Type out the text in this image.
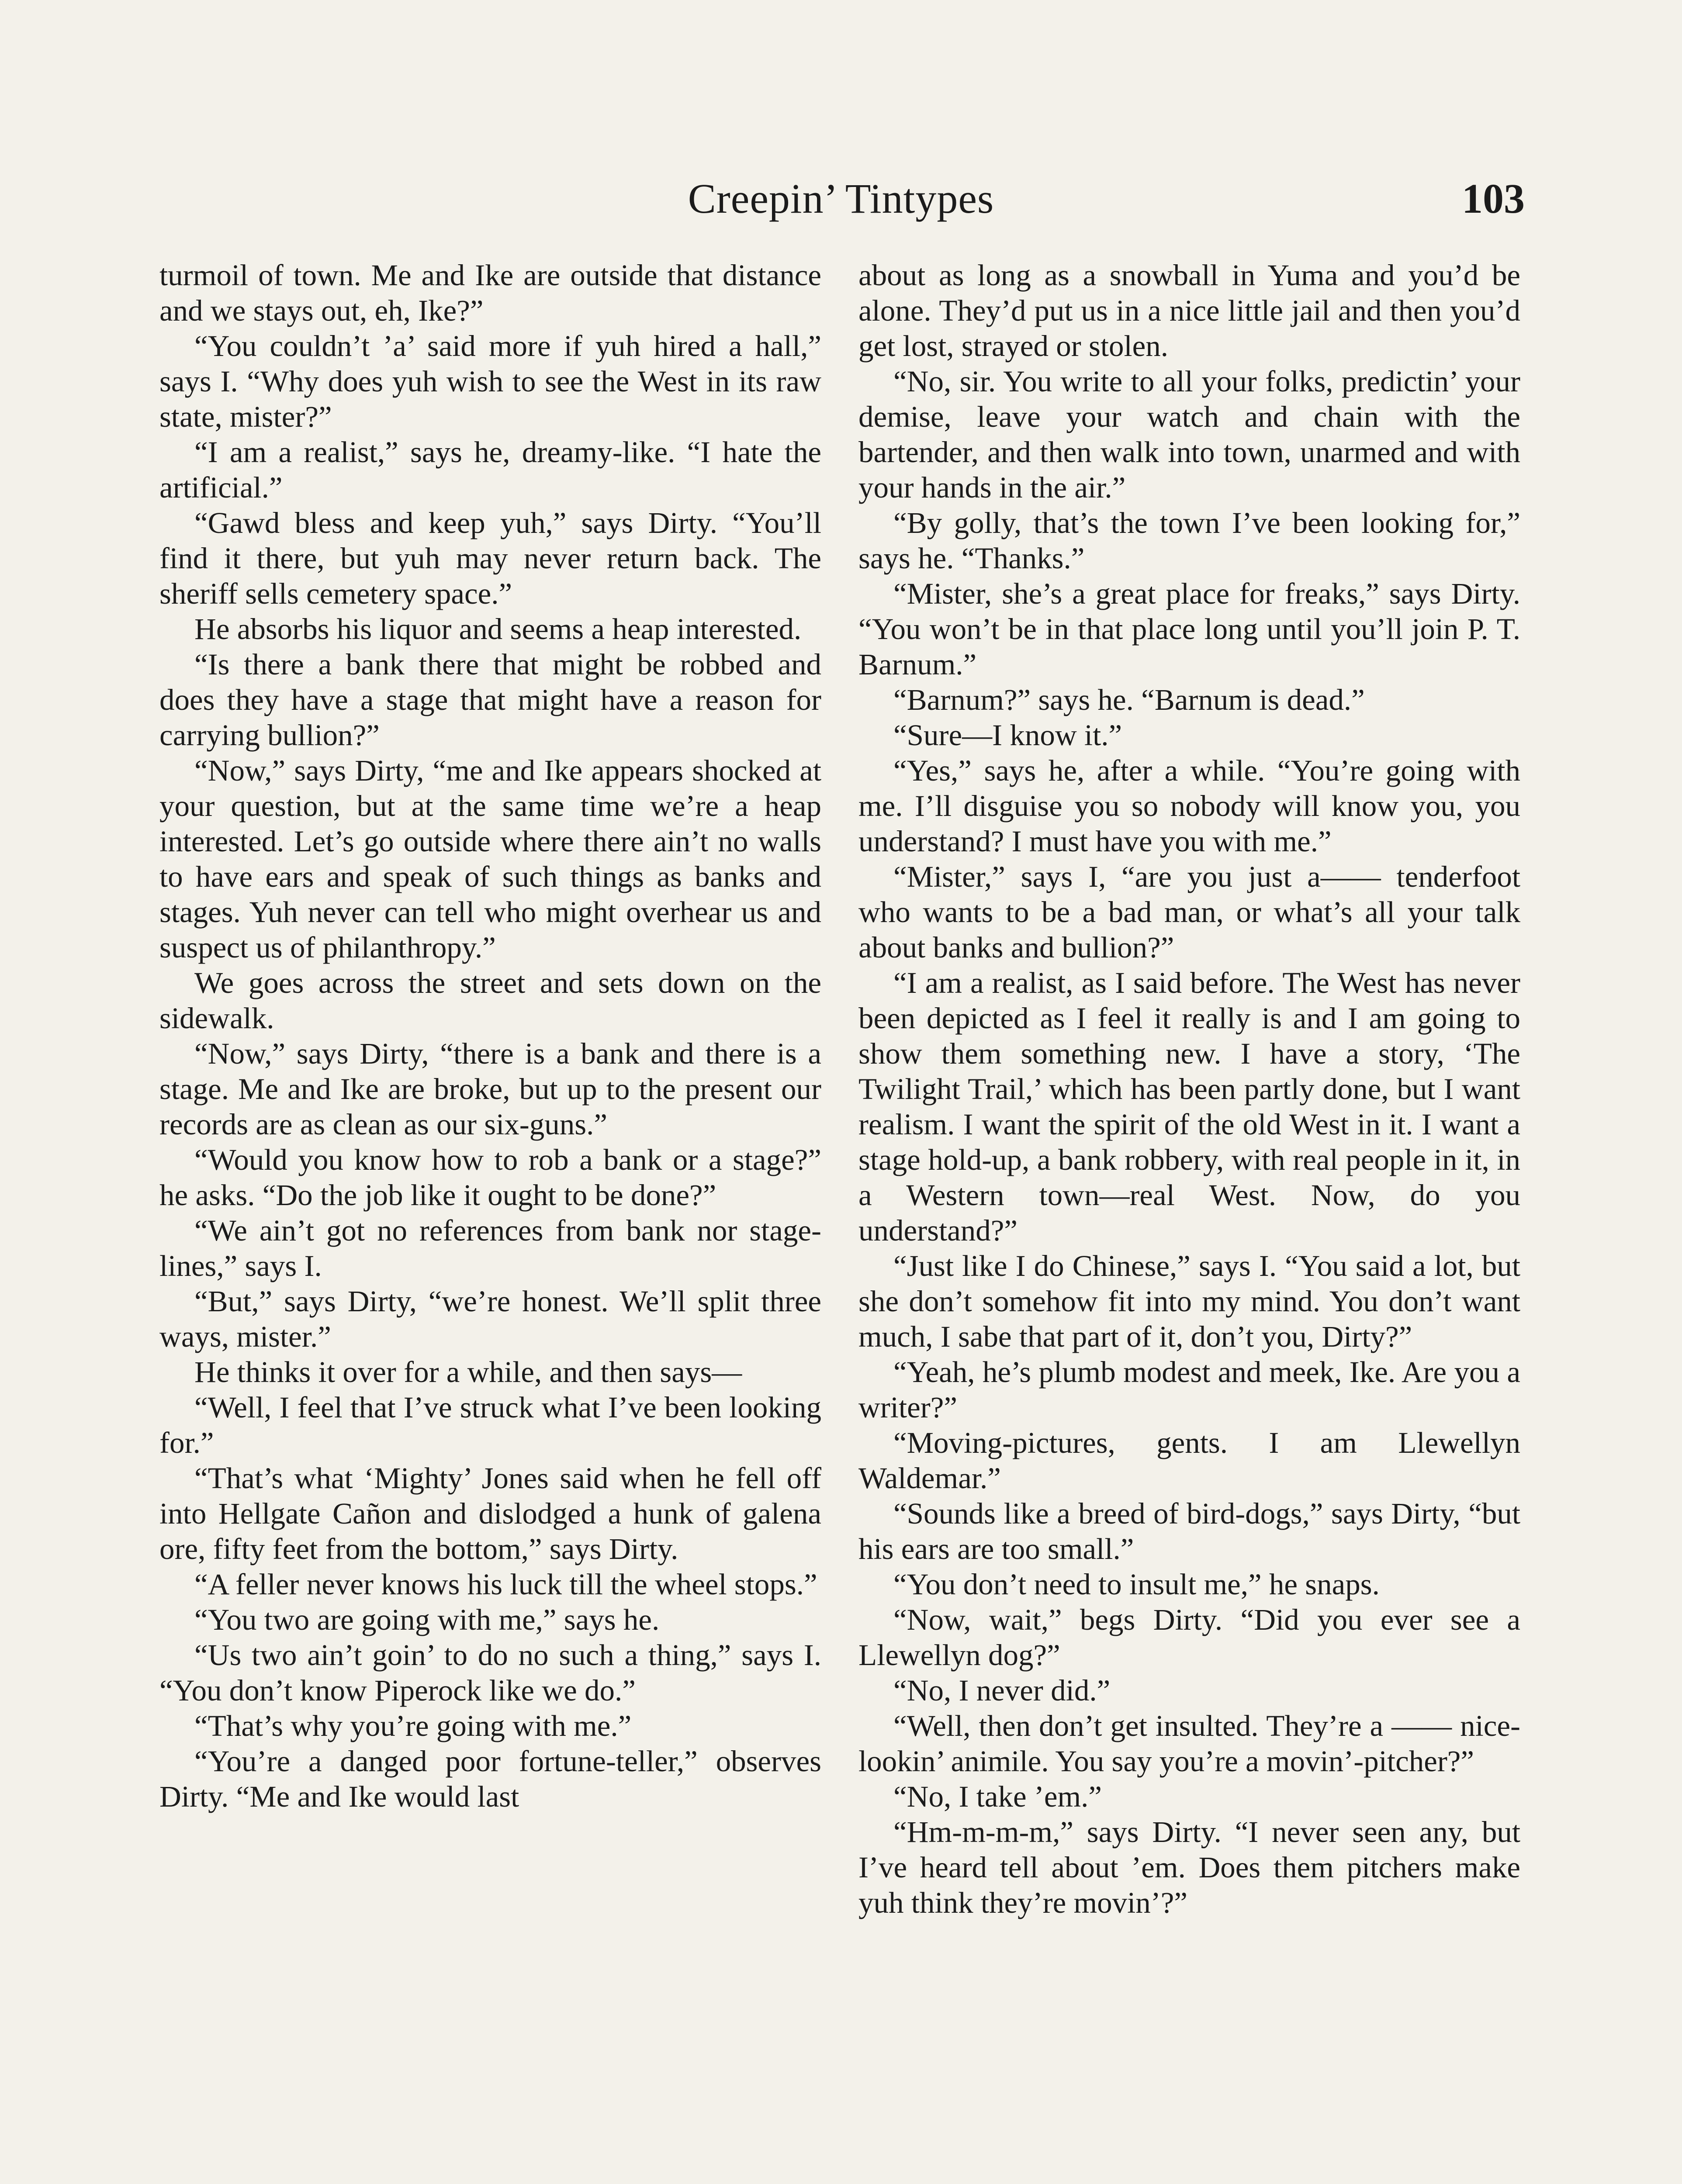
Creepin’ Tintypes	103

turmoil of town. Me and Ike are outside that distance and we stays out, eh, Ike?”

“You couldn’t ’a’ said more if yuh hired a hall,” says I. “Why does yuh wish to see the West in its raw state, mister?”

“I am a realist,” says he, dreamy-like. “I hate the artificial.”

“Gawd bless and keep yuh,” says Dirty. “You’ll find it there, but yuh may never return back. The sheriff sells cemetery space.”

He absorbs his liquor and seems a heap interested.

“Is there a bank there that might be robbed and does they have a stage that might have a reason for carrying bullion?”

“Now,” says Dirty, “me and Ike appears shocked at your question, but at the same time we’re a heap interested. Let’s go outside where there ain’t no walls to have ears and speak of such things as banks and stages. Yuh never can tell who might overhear us and suspect us of philanthropy.”

We goes across the street and sets down on the sidewalk.

“Now,” says Dirty, “there is a bank and there is a stage. Me and Ike are broke, but up to the present our records are as clean as our six-guns.”

“Would you know how to rob a bank or a stage?” he asks. “Do the job like it ought to be done?”

“We ain’t got no references from bank nor stage-lines,” says I.

“But,” says Dirty, “we’re honest. We’ll split three ways, mister.”

He thinks it over for a while, and then says—

“Well, I feel that I’ve struck what I’ve been looking for.”

“That’s what ‘Mighty’ Jones said when he fell off into Hellgate Cañon and dislodged a hunk of galena ore, fifty feet from the bottom,” says Dirty.

“A feller never knows his luck till the wheel stops.”

“You two are going with me,” says he.

“Us two ain’t goin’ to do no such a thing,” says I. “You don’t know Piperock like we do.”

“That’s why you’re going with me.”

“You’re a danged poor fortune-teller,” observes Dirty. “Me and Ike would last

about as long as a snowball in Yuma and you’d be alone. They’d put us in a nice little jail and then you’d get lost, strayed or stolen.

“No, sir. You write to all your folks, predictin’ your demise, leave your watch and chain with the bartender, and then walk into town, unarmed and with your hands in the air.”

“By golly, that’s the town I’ve been looking for,” says he. “Thanks.”

“Mister, she’s a great place for freaks,” says Dirty. “You won’t be in that place long until you’ll join P. T. Barnum.”

“Barnum?” says he. “Barnum is dead.”

“Sure—I know it.”

“Yes,” says he, after a while. “You’re going with me. I’ll disguise you so nobody will know you, you understand? I must have you with me.”

“Mister,” says I, “are you just a—— tenderfoot who wants to be a bad man, or what’s all your talk about banks and bullion?”

“I am a realist, as I said before. The West has never been depicted as I feel it really is and I am going to show them something new. I have a story, ‘The Twilight Trail,’ which has been partly done, but I want realism. I want the spirit of the old West in it. I want a stage hold-up, a bank robbery, with real people in it, in a Western town—real West. Now, do you understand?”

“Just like I do Chinese,” says I. “You said a lot, but she don’t somehow fit into my mind. You don’t want much, I sabe that part of it, don’t you, Dirty?”

“Yeah, he’s plumb modest and meek, Ike. Are you a writer?”

“Moving-pictures, gents. I am Llewellyn Waldemar.”

“Sounds like a breed of bird-dogs,” says Dirty, “but his ears are too small.”

“You don’t need to insult me,” he snaps.

“Now, wait,” begs Dirty. “Did you ever see a Llewellyn dog?”

“No, I never did.”

“Well, then don’t get insulted. They’re a —— nice-lookin’ animile. You say you’re a movin’-pitcher?”

“No, I take ’em.”

“Hm-m-m-m,” says Dirty. “I never seen any, but I’ve heard tell about ’em. Does them pitchers make yuh think they’re movin’?”
